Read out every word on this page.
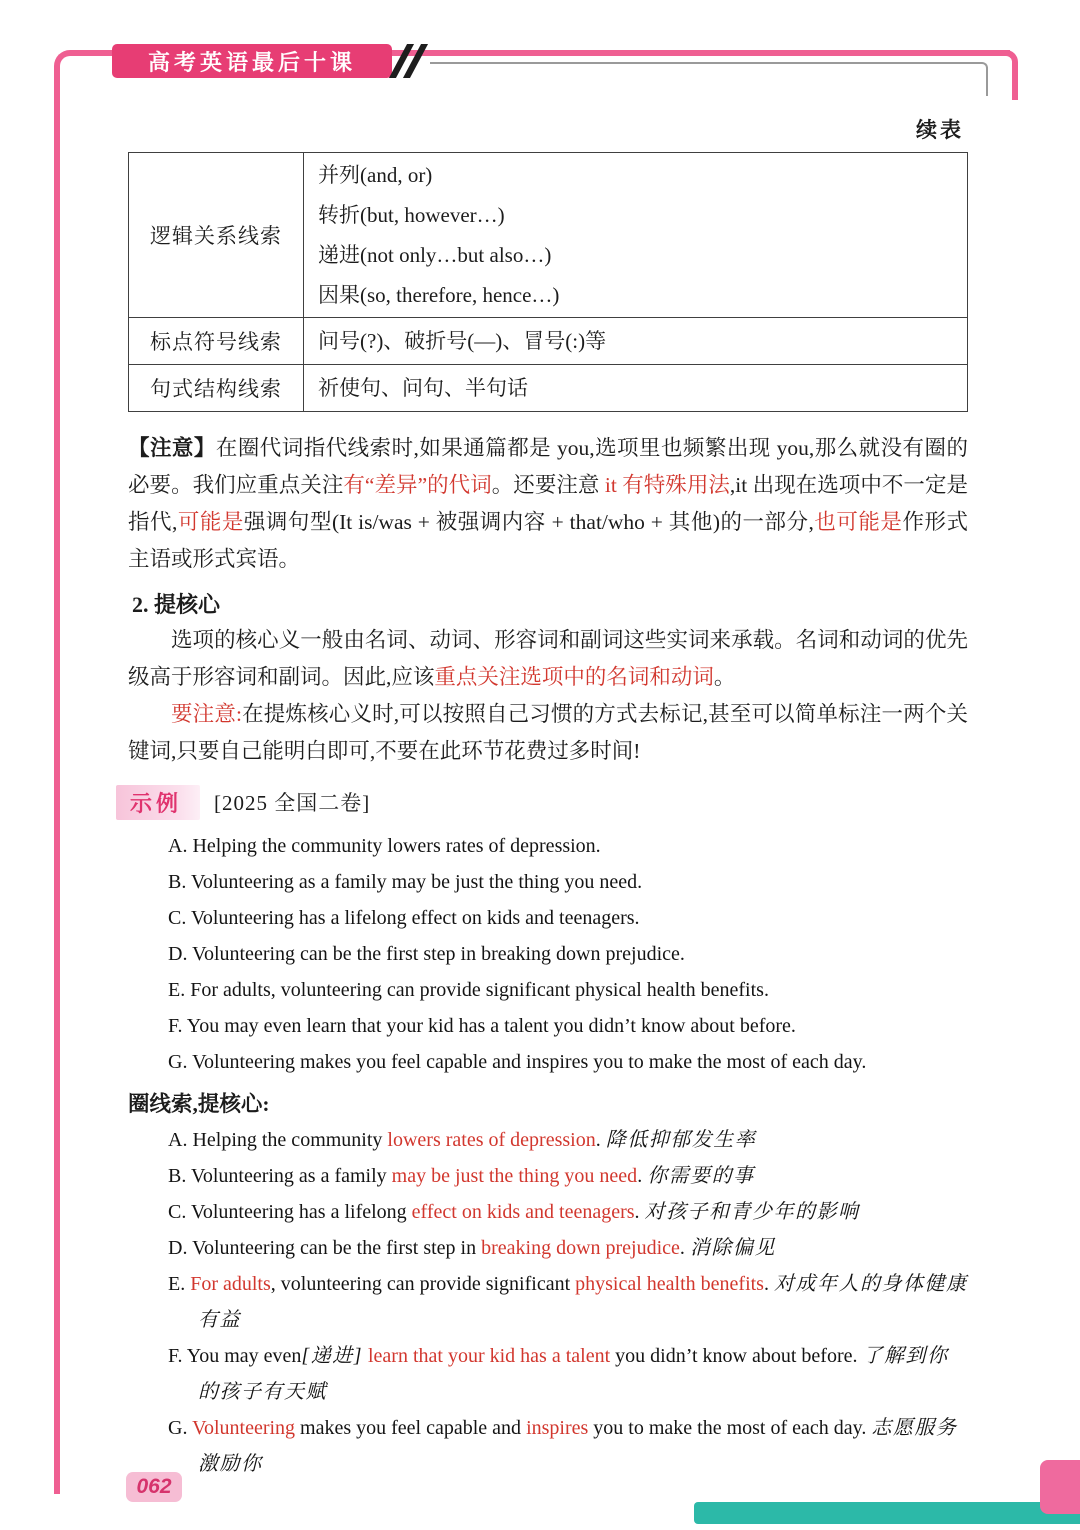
高考英语最后十课
续表
逻辑关系线索	并列(and, or)
转折(but, however…)
递进(not only…but also…)
因果(so, therefore, hence…)

标点符号线索	问号(?)、破折号(—)、冒号(:)等

句式结构线索	祈使句、问句、半句话

【注意】在圈代词指代线索时,如果通篇都是 you,选项里也频繁出现 you,那么就没有圈的必要。我们应重点关注有“差异”的代词。还要注意 it 有特殊用法,it 出现在选项中不一定是指代,可能是强调句型(It is/was + 被强调内容 + that/who + 其他)的一部分,也可能是作形式主语或形式宾语。

2. 提核心

选项的核心义一般由名词、动词、形容词和副词这些实词来承载。名词和动词的优先级高于形容词和副词。因此,应该重点关注选项中的名词和动词。

要注意:在提炼核心义时,可以按照自己习惯的方式去标记,甚至可以简单标注一两个关键词,只要自己能明白即可,不要在此环节花费过多时间!

示例	[2025 全国二卷]
A. Helping the community lowers rates of depression.
B. Volunteering as a family may be just the thing you need.
C. Volunteering has a lifelong effect on kids and teenagers.
D. Volunteering can be the first step in breaking down prejudice.
E. For adults, volunteering can provide significant physical health benefits.
F. You may even learn that your kid has a talent you didn’t know about before.
G. Volunteering makes you feel capable and inspires you to make the most of each day.
圈线索,提核心:
A. Helping the community lowers rates of depression. 降低抑郁发生率
B. Volunteering as a family may be just the thing you need. 你需要的事
C. Volunteering has a lifelong effect on kids and teenagers. 对孩子和青少年的影响
D. Volunteering can be the first step in breaking down prejudice. 消除偏见
E. For adults, volunteering can provide significant physical health benefits. 对成年人的身体健康有益
F. You may even[递进] learn that your kid has a talent you didn’t know about before. 了解到你的孩子有天赋
G. Volunteering makes you feel capable and inspires you to make the most of each day. 志愿服务激励你
062
